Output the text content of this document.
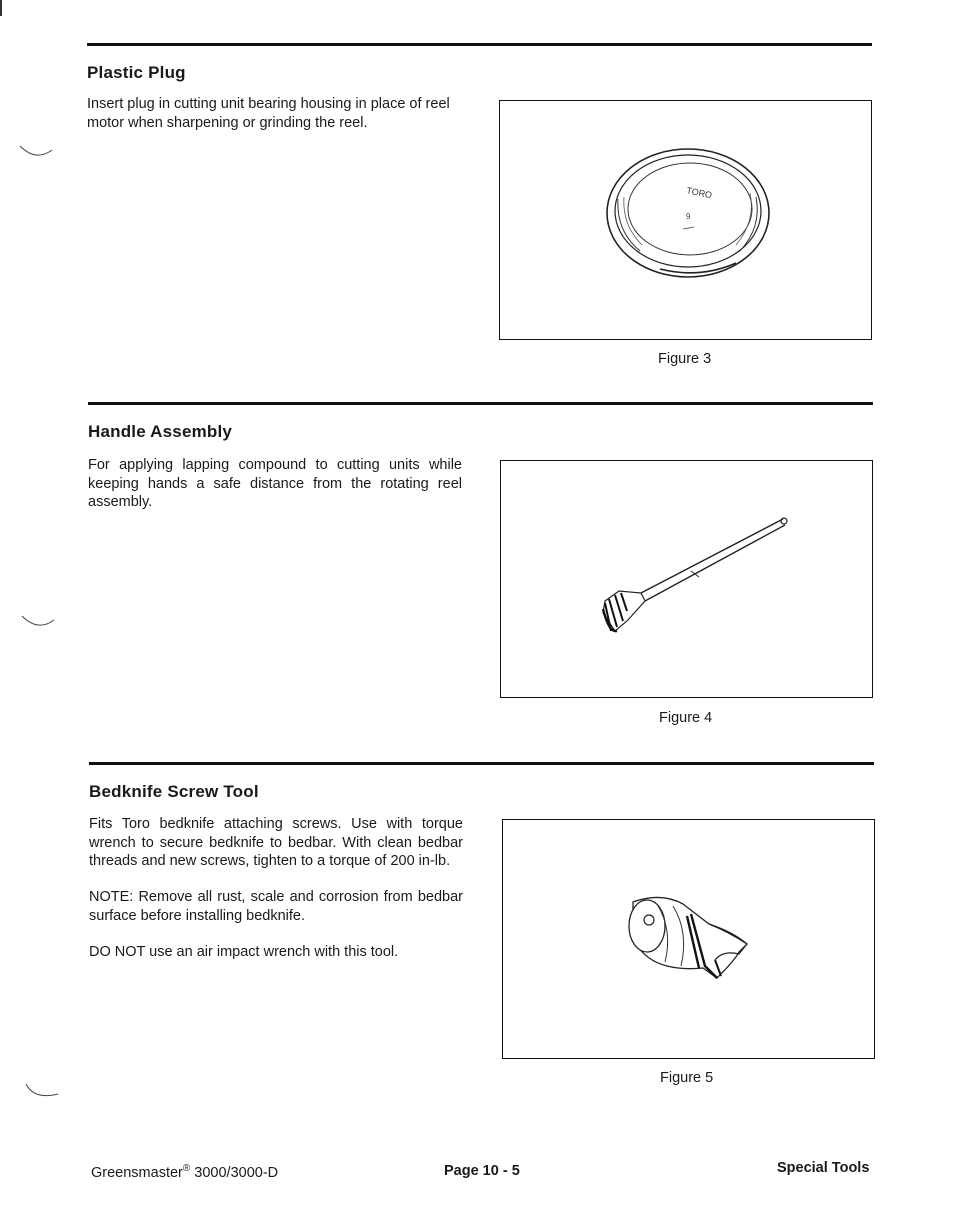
Plastic Plug
Insert plug in cutting unit bearing housing in place of reel motor when sharpening or grinding the reel.
TORO
9
Figure 3
Handle Assembly
For applying lapping compound to cutting units while keeping hands a safe distance from the rotating reel assembly.
Figure 4
Bedknife Screw Tool
Fits Toro bedknife attaching screws. Use with torque wrench to secure bedknife to bedbar. With clean bedbar threads and new screws, tighten to a torque of 200 in-lb.
NOTE: Remove all rust, scale and corrosion from bedbar surface before installing bedknife.
DO NOT use an air impact wrench with this tool.
Figure 5
Greensmaster® 3000/3000-D	Page 10 - 5	Special Tools
